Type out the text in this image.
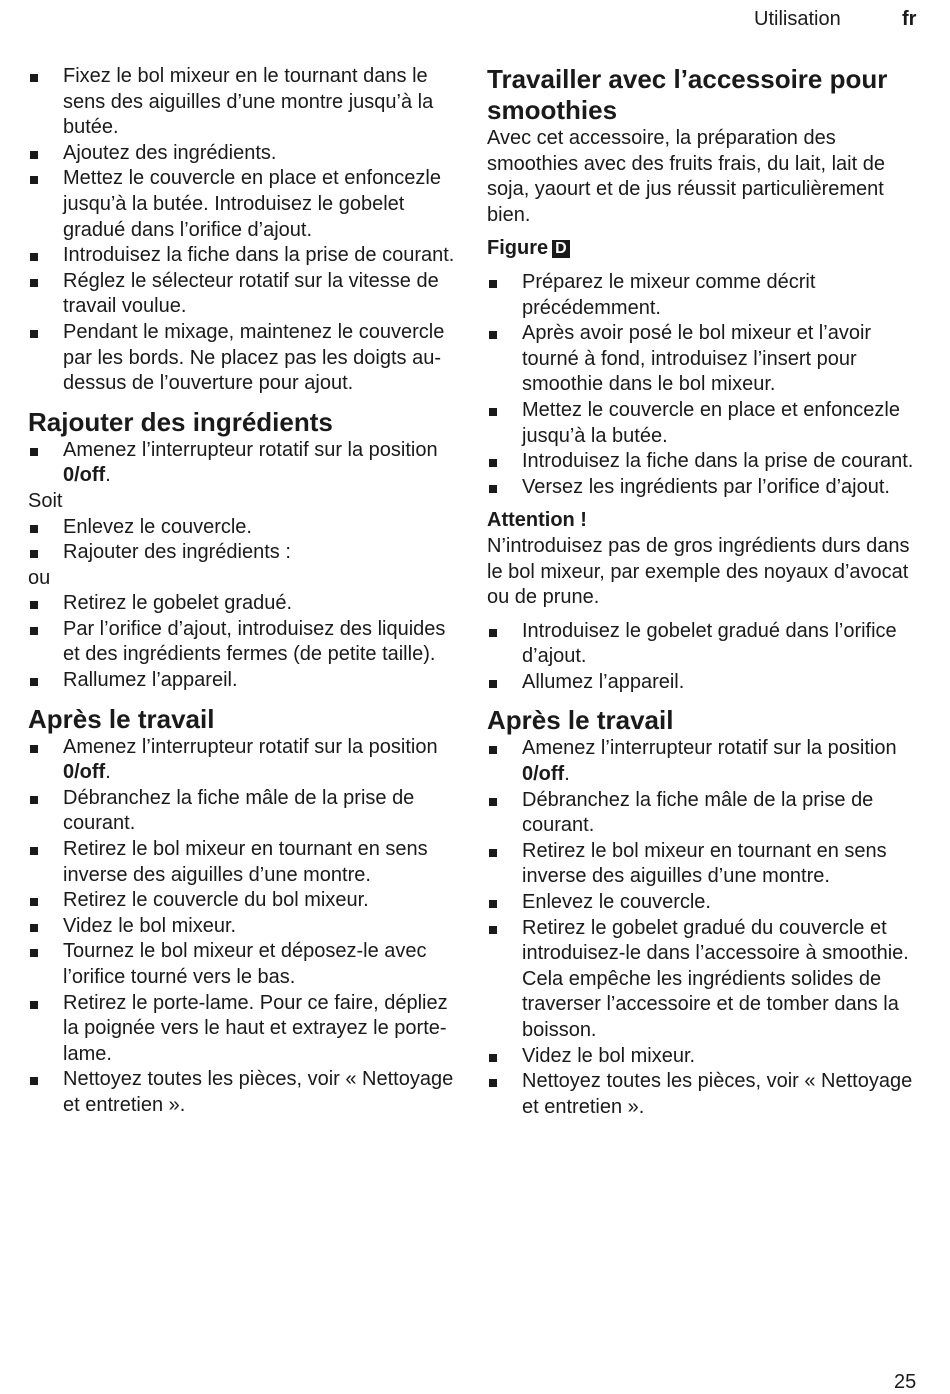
Utilisation	fr
Fixez le bol mixeur en le tournant dans le sens des aiguilles d’une montre jusqu’à la butée.
Ajoutez des ingrédients.
Mettez le couvercle en place et enfoncezle jusqu’à la butée. Introduisez le gobelet gradué dans l’orifice d’ajout.
Introduisez la fiche dans la prise de courant.
Réglez le sélecteur rotatif sur la vitesse de travail voulue.
Pendant le mixage, maintenez le couvercle par les bords. Ne placez pas les doigts au-dessus de l’ouverture pour ajout.
Rajouter des ingrédients
Amenez l’interrupteur rotatif sur la position 0/off.

Soit

Enlevez le couvercle.
Rajouter des ingrédients :

ou

Retirez le gobelet gradué.
Par l’orifice d’ajout, introduisez des liquides et des ingrédients fermes (de petite taille).
Rallumez l’appareil.
Après le travail
Amenez l’interrupteur rotatif sur la position 0/off.
Débranchez la fiche mâle de la prise de courant.
Retirez le bol mixeur en tournant en sens inverse des aiguilles d’une montre.
Retirez le couvercle du bol mixeur.
Videz le bol mixeur.
Tournez le bol mixeur et déposez-le avec l’orifice tourné vers le bas.
Retirez le porte-lame. Pour ce faire, dépliez la poignée vers le haut et extrayez le porte-lame.
Nettoyez toutes les pièces, voir « Nettoyage et entretien ».
Travailler avec l’accessoire pour smoothies

Avec cet accessoire, la préparation des smoothies avec des fruits frais, du lait, lait de soja, yaourt et de jus réussit particulièrement bien.

Figure D

Préparez le mixeur comme décrit précédemment.
Après avoir posé le bol mixeur et l’avoir tourné à fond, introduisez l’insert pour smoothie dans le bol mixeur.
Mettez le couvercle en place et enfoncezle jusqu’à la butée.
Introduisez la fiche dans la prise de courant.
Versez les ingrédients par l’orifice d’ajout.

Attention !

N’introduisez pas de gros ingrédients durs dans le bol mixeur, par exemple des noyaux d’avocat ou de prune.

Introduisez le gobelet gradué dans l’orifice d’ajout.
Allumez l’appareil.
Après le travail
Amenez l’interrupteur rotatif sur la position 0/off.
Débranchez la fiche mâle de la prise de courant.
Retirez le bol mixeur en tournant en sens inverse des aiguilles d’une montre.
Enlevez le couvercle.
Retirez le gobelet gradué du couvercle et introduisez-le dans l’accessoire à smoothie. Cela empêche les ingrédients solides de traverser l’accessoire et de tomber dans la boisson.
Videz le bol mixeur.
Nettoyez toutes les pièces, voir « Nettoyage et entretien ».
25
